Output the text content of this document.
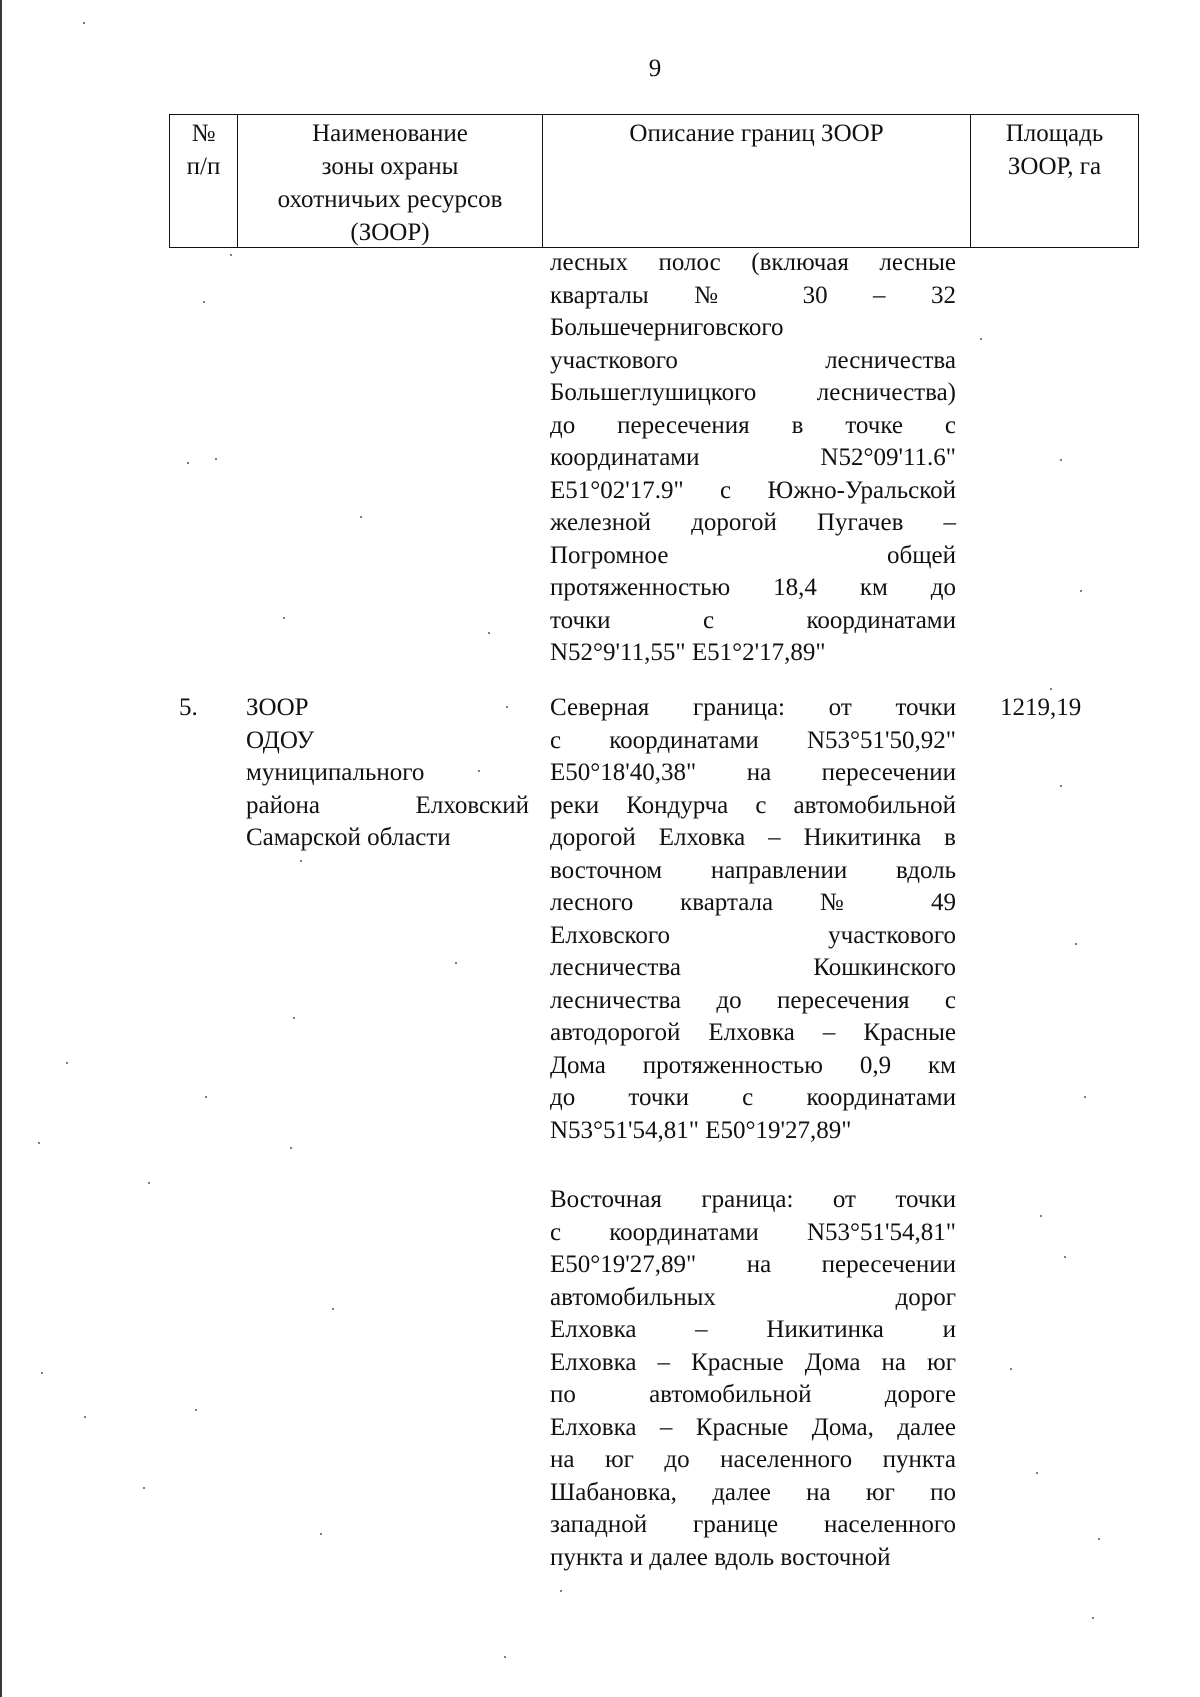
9
№
п/п
Наименование
зоны охраны
охотничьих ресурсов
(ЗООР)
Описание границ ЗООР	Площадь
ЗООР, га
лесных полос (включая лесные
кварталы № 30 – 32
Большечерниговского
участкового лесничества
Большеглушицкого лесничества)
до пересечения в точке с
координатами N52°09'11.6"
E51°02'17.9" с Южно-Уральской
железной дорогой Пугачев –
Погромное общей
протяженностью 18,4 км до
точки с координатами
N52°9'11,55" E51°2'17,89"
5.	ЗООР
ОДОУ
муниципального
района Елховский
Самарской области
Северная граница: от точки
с координатами N53°51'50,92"
E50°18'40,38" на пересечении
реки Кондурча с автомобильной
дорогой Елховка – Никитинка в
восточном направлении вдоль
лесного квартала № 49
Елховского участкового
лесничества Кошкинского
лесничества до пересечения с
автодорогой Елховка – Красные
Дома протяженностью 0,9 км
до точки с координатами
N53°51'54,81" E50°19'27,89"
Восточная граница: от точки
с координатами N53°51'54,81"
E50°19'27,89" на пересечении
автомобильных дорог
Елховка – Никитинка и
Елховка – Красные Дома на юг
по автомобильной дороге
Елховка – Красные Дома, далее
на юг до населенного пункта
Шабановка, далее на юг по
западной границе населенного
пункта и далее вдоль восточной
1219,19
